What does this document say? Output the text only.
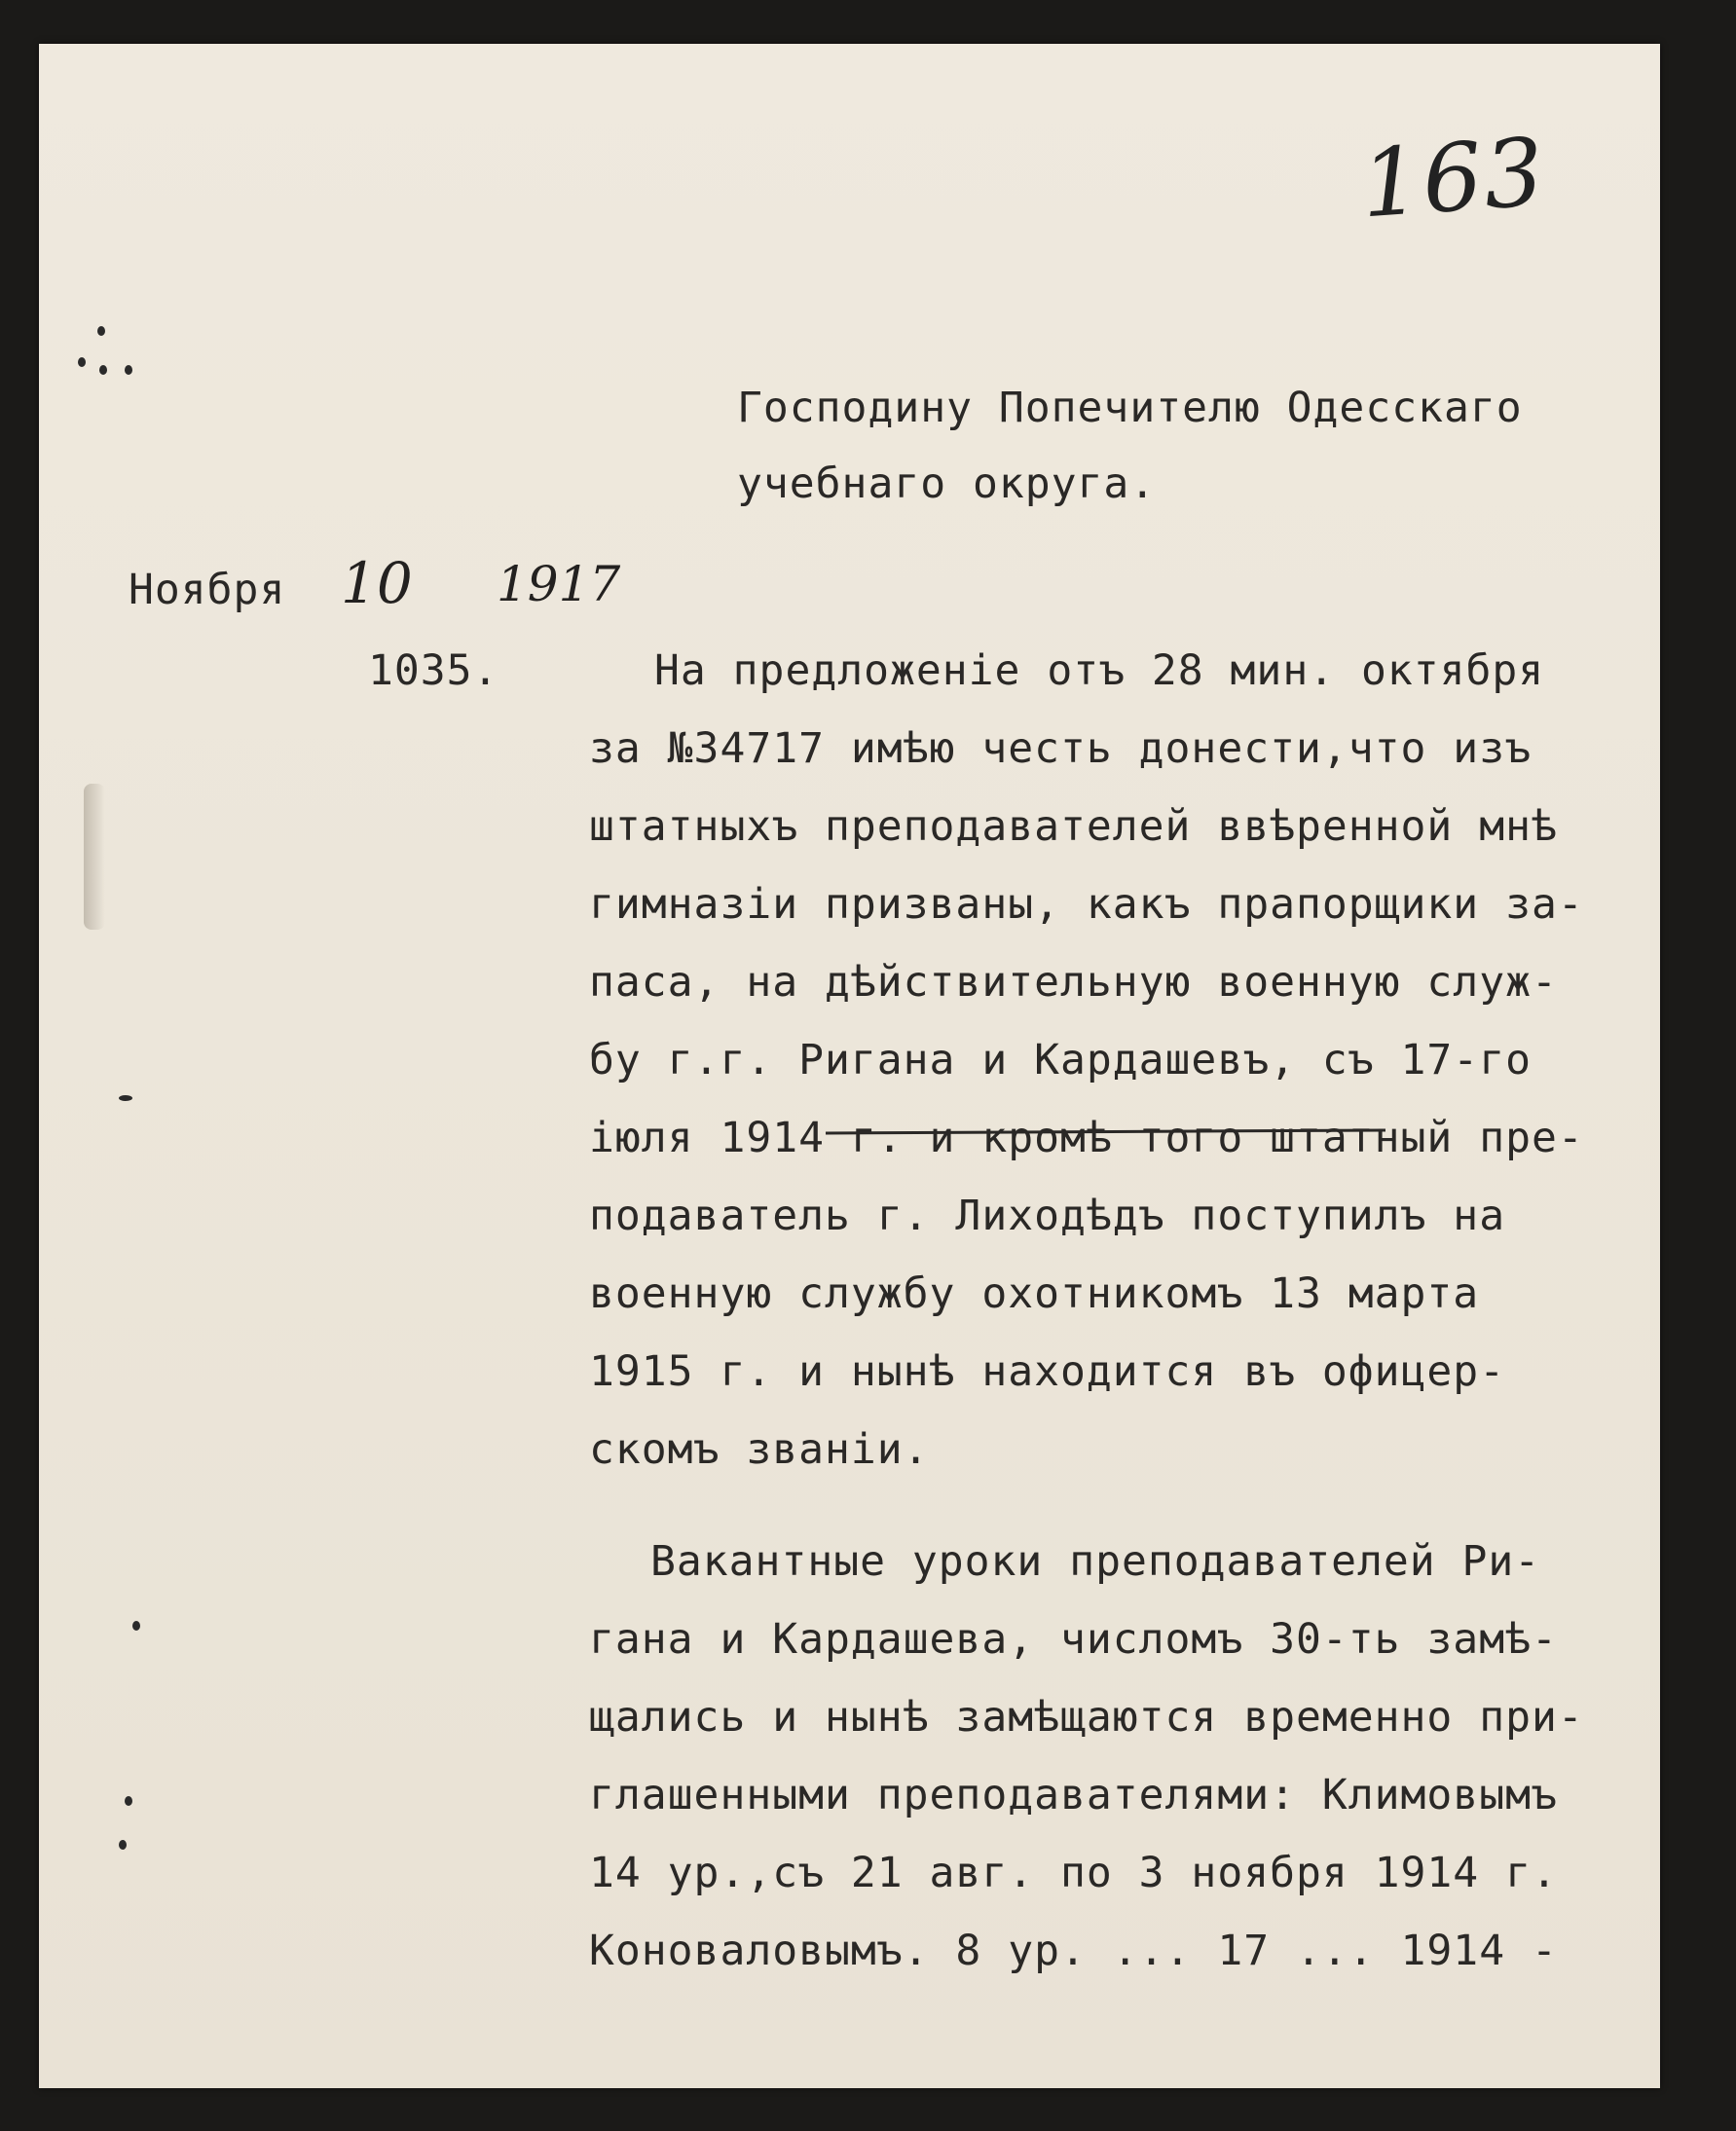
163
Господину Попечителю Одесскаго
учебнаго округа.
Ноября 10 1917
1035.	На предложенiе отъ 28 мин. октября
за №34717 имѣю честь донести,что изъ
штатныхъ преподавателей ввѣренной мнѣ
гимназiи призваны, какъ прапорщики за-
паса, на дѣйствительную военную служ-
бу г.г. Ригана и Кардашевъ, съ 17-го
iюля 1914 г. и кромѣ того штатный пре-
подаватель г. Лиходѣдъ поступилъ на
военную службу охотникомъ 13 марта
1915 г. и нынѣ находится въ офицер-
скомъ званiи.
Вакантные уроки преподавателей Ри-
гана и Кардашева, числомъ 30-ть замѣ-
щались и нынѣ замѣщаются временно при-
глашенными преподавателями: Климовымъ
14 ур.,съ 21 авг. по 3 ноября 1914 г.
Коноваловымъ. 8 ур. ... 17 ... 1914 -
